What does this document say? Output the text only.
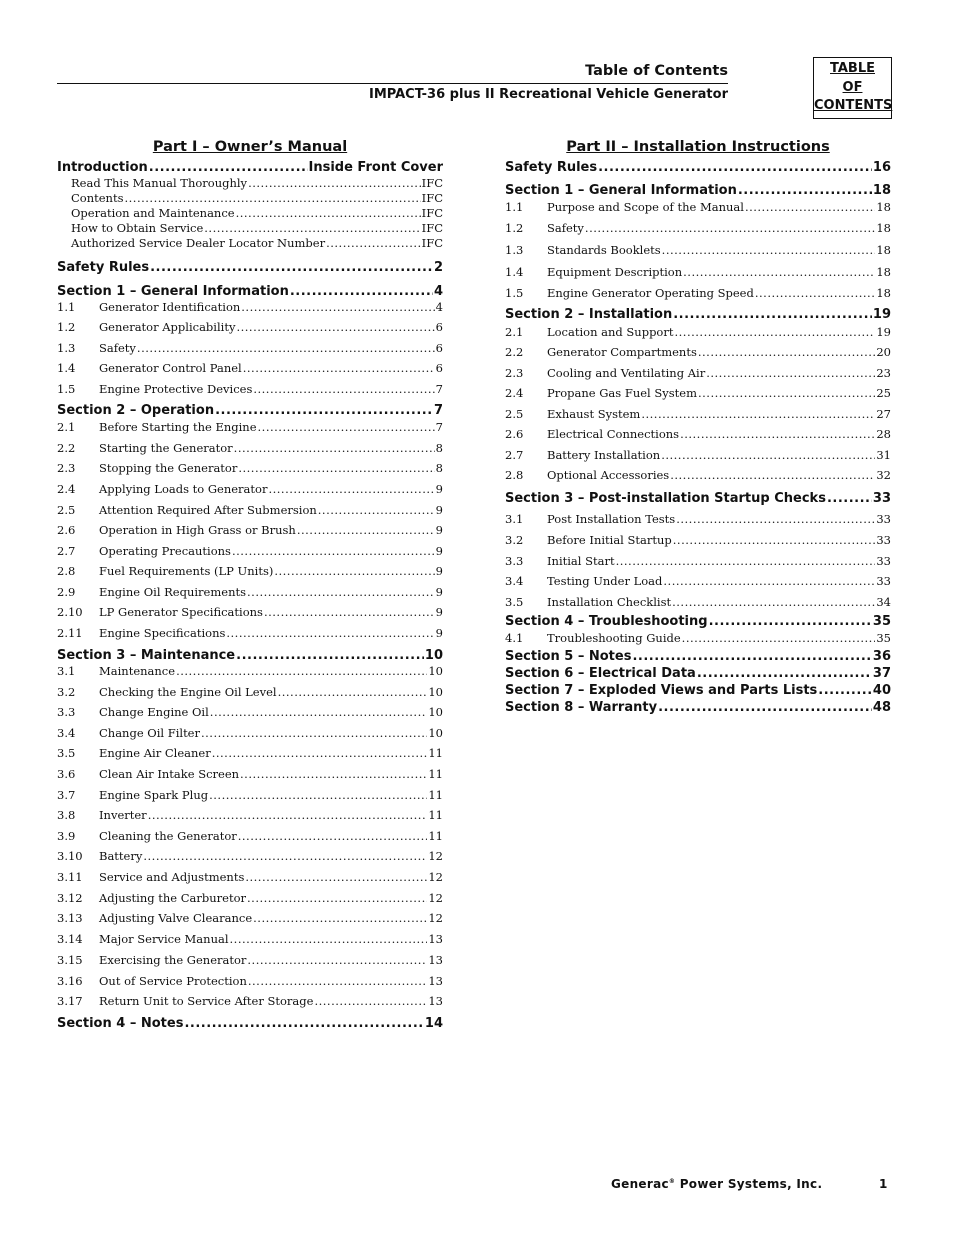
Table of Contents
IMPACT-36 plus II Recreational Vehicle Generator
TABLE
OF
CONTENTS
Part I – Owner’s Manual
Introduction .....	Inside Front Cover
Read This Manual Thoroughly .....	IFC
Contents .....	IFC
Operation and Maintenance .....	IFC
How to Obtain Service .....	IFC
Authorized Service Dealer Locator Number .....	IFC
Safety Rules .....	2
Section 1 – General Information .....	4
1.1	Generator Identification .....	4
1.2	Generator Applicability .....	6
1.3	Safety .....	6
1.4	Generator Control Panel .....	6
1.5	Engine Protective Devices .....	7
Section 2 – Operation .....	7
2.1	Before Starting the Engine .....	7
2.2	Starting the Generator .....	8
2.3	Stopping the Generator .....	8
2.4	Applying Loads to Generator .....	9
2.5	Attention Required After Submersion .....	9
2.6	Operation in High Grass or Brush .....	9
2.7	Operating Precautions .....	9
2.8	Fuel Requirements (LP Units) .....	9
2.9	Engine Oil Requirements .....	9
2.10	LP Generator Specifications .....	9
2.11	Engine Specifications .....	9
Section 3 – Maintenance .....	10
3.1	Maintenance .....	10
3.2	Checking the Engine Oil Level .....	10
3.3	Change Engine Oil .....	10
3.4	Change Oil Filter .....	10
3.5	Engine Air Cleaner .....	11
3.6	Clean Air Intake Screen .....	11
3.7	Engine Spark Plug .....	11
3.8	Inverter .....	11
3.9	Cleaning the Generator .....	11
3.10	Battery .....	12
3.11	Service and Adjustments .....	12
3.12	Adjusting the Carburetor .....	12
3.13	Adjusting Valve Clearance .....	12
3.14	Major Service Manual .....	13
3.15	Exercising the Generator .....	13
3.16	Out of Service Protection .....	13
3.17	Return Unit to Service After Storage .....	13
Section 4 – Notes .....	14
Part II – Installation Instructions
Safety Rules .....	16
Section 1 – General Information .....	18
1.1	Purpose and Scope of the Manual .....	18
1.2	Safety .....	18
1.3	Standards Booklets .....	18
1.4	Equipment Description .....	18
1.5	Engine Generator Operating Speed .....	18
Section 2 – Installation .....	19
2.1	Location and Support .....	19
2.2	Generator Compartments .....	20
2.3	Cooling and Ventilating Air .....	23
2.4	Propane Gas Fuel System .....	25
2.5	Exhaust System .....	27
2.6	Electrical Connections .....	28
2.7	Battery Installation .....	31
2.8	Optional Accessories .....	32
Section 3 – Post-installation Startup Checks .....	33
3.1	Post Installation Tests .....	33
3.2	Before Initial Startup .....	33
3.3	Initial Start .....	33
3.4	Testing Under Load .....	33
3.5	Installation Checklist .....	34
Section 4 – Troubleshooting .....	35
4.1	Troubleshooting Guide .....	35
Section 5 – Notes .....	36
Section 6 – Electrical Data .....	37
Section 7 – Exploded Views and Parts Lists .....	40
Section 8 – Warranty .....	48
Generac® Power Systems, Inc.	1
